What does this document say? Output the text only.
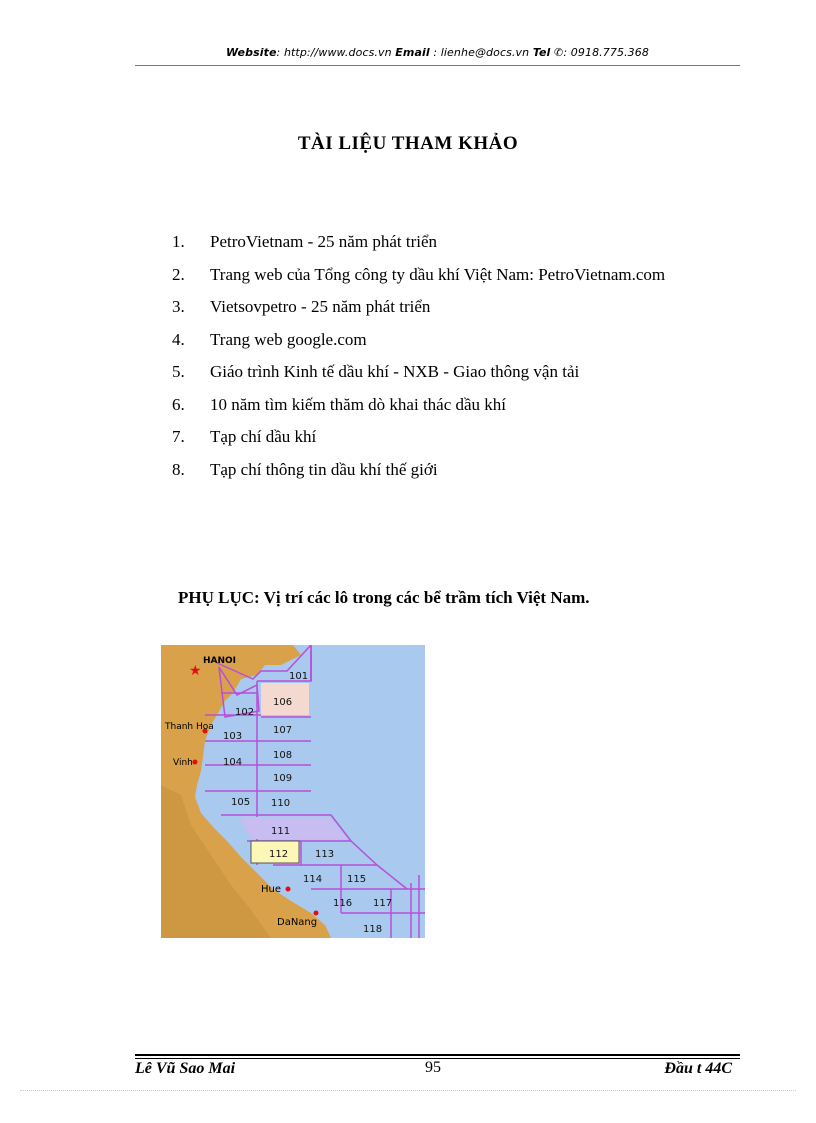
Website: http://www.docs.vn Email : lienhe@docs.vn Tel ✆: 0918.775.368
TÀI LIỆU THAM KHẢO
1.	PetroVietnam - 25 năm phát triển
2.	Trang web của Tổng công ty dầu khí Việt Nam: PetroVietnam.com
3.	Vietsovpetro - 25 năm phát triển
4.	Trang web google.com
5.	Giáo trình Kinh tế dầu khí - NXB - Giao thông vận tải
6.	10 năm tìm kiếm thăm dò khai thác dầu khí
7.	Tạp chí dầu khí
8.	Tạp chí thông tin dầu khí thế giới
PHỤ LỤC: Vị trí các lô trong các bể trầm tích Việt Nam.
101
102
103
104
105
106
107
108
109
110
111
112	113
114 115
116 117
118
★
HANOI
Thanh Hoa
Vinh
Hue
DaNang
Lê Vũ Sao Mai	95	Đầu t 44C
